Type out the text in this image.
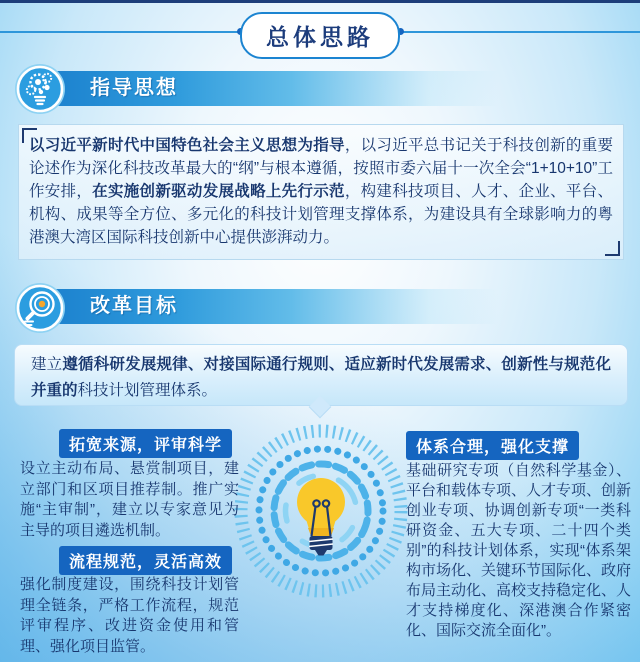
总体思路
指导思想

以习近平新时代中国特色社会主义思想为指导，以习近平总书记关于科技创新的重要论述作为深化科技改革最大的“纲”与根本遵循，按照市委六届十一次全会“1+10+10”工作安排，在实施创新驱动发展战略上先行示范，构建科技项目、人才、企业、平台、机构、成果等全方位、多元化的科技计划管理支撑体系，为建设具有全球影响力的粤港澳大湾区国际科技创新中心提供澎湃动力。

改革目标

建立遵循科研发展规律、对接国际通行规则、适应新时代发展需求、创新性与规范化并重的科技计划管理体系。

拓宽来源，评审科学
设立主动布局、悬赏制项目，建立部门和区项目推荐制。推广实施“主审制”，建立以专家意见为主导的项目遴选机制。
流程规范，灵活高效
强化制度建设，围绕科技计划管理全链条，严格工作流程，规范评审程序、改进资金使用和管理、强化项目监管。
体系合理，强化支撑
基础研究专项（自然科学基金）、平台和载体专项、人才专项、创新创业专项、协调创新专项“一类科研资金、五大专项、二十四个类别”的科技计划体系，实现“体系架构市场化、关键环节国际化、政府布局主动化、高校支持稳定化、人才支持梯度化、深港澳合作紧密化、国际交流全面化”。
